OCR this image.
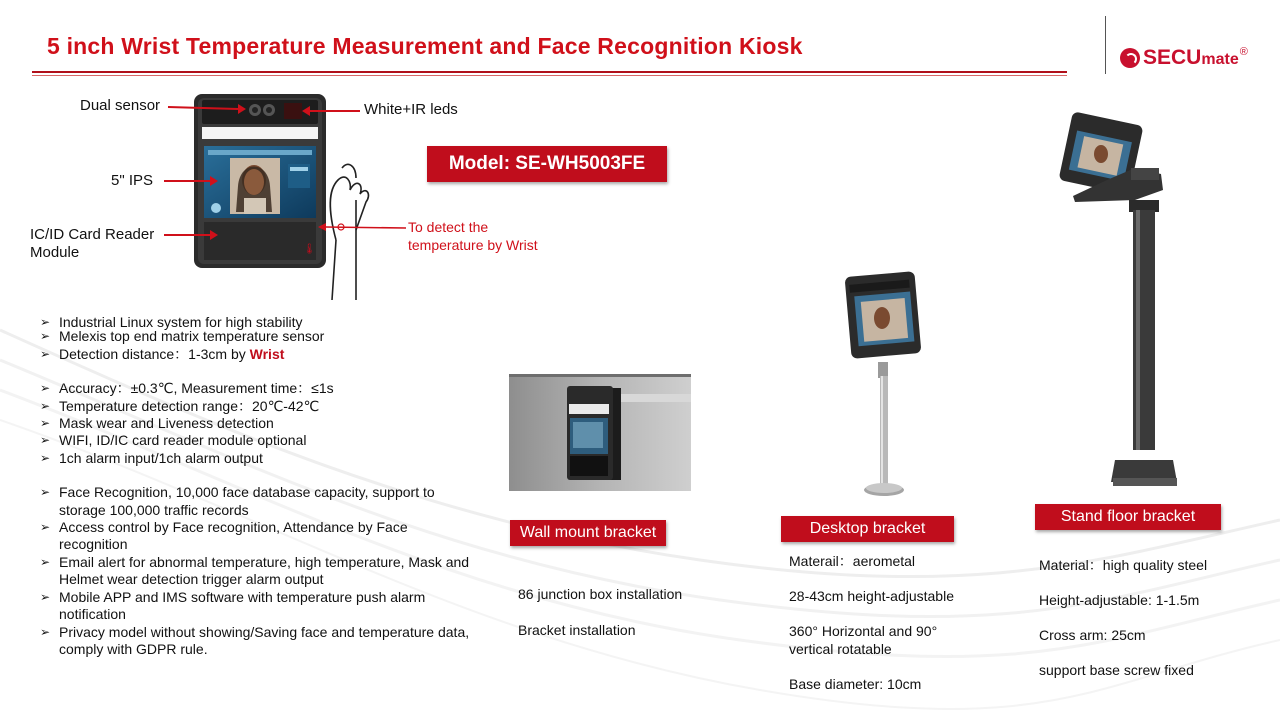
5 inch Wrist Temperature Measurement and Face Recognition Kiosk	SECU mate ®
🌡
Dual sensor	White+IR leds
5" IPS
IC/ID Card Reader
Module
To detect the
temperature by Wrist
Model: SE-WH5003FE
➢ Industrial Linux system for high stability
➢ Melexis top end matrix temperature sensor
➢ Detection distance：1-3cm by Wrist
➢ Accuracy：±0.3℃, Measurement time：≤1s
➢ Temperature detection range：20℃-42℃
➢ Mask wear and Liveness detection
➢ WIFI, ID/IC card reader module optional
➢ 1ch alarm input/1ch alarm output
➢ Face Recognition, 10,000 face database capacity, support to storage 100,000 traffic records
➢ Access control by Face recognition, Attendance by Face recognition
➢ Email alert for abnormal temperature, high temperature, Mask and Helmet wear detection trigger alarm output
➢ Mobile APP and IMS software with temperature push alarm notification
➢ Privacy model without showing/Saving face and temperature data, comply with GDPR rule.
Wall mount bracket	Desktop bracket
Stand floor bracket
86 junction box installation
Bracket installation
Materail：aerometal
28-43cm height-adjustable
360° Horizontal and 90°
vertical rotatable
Base diameter: 10cm
Material：high quality steel
Height-adjustable: 1-1.5m
Cross arm: 25cm
support base screw fixed
